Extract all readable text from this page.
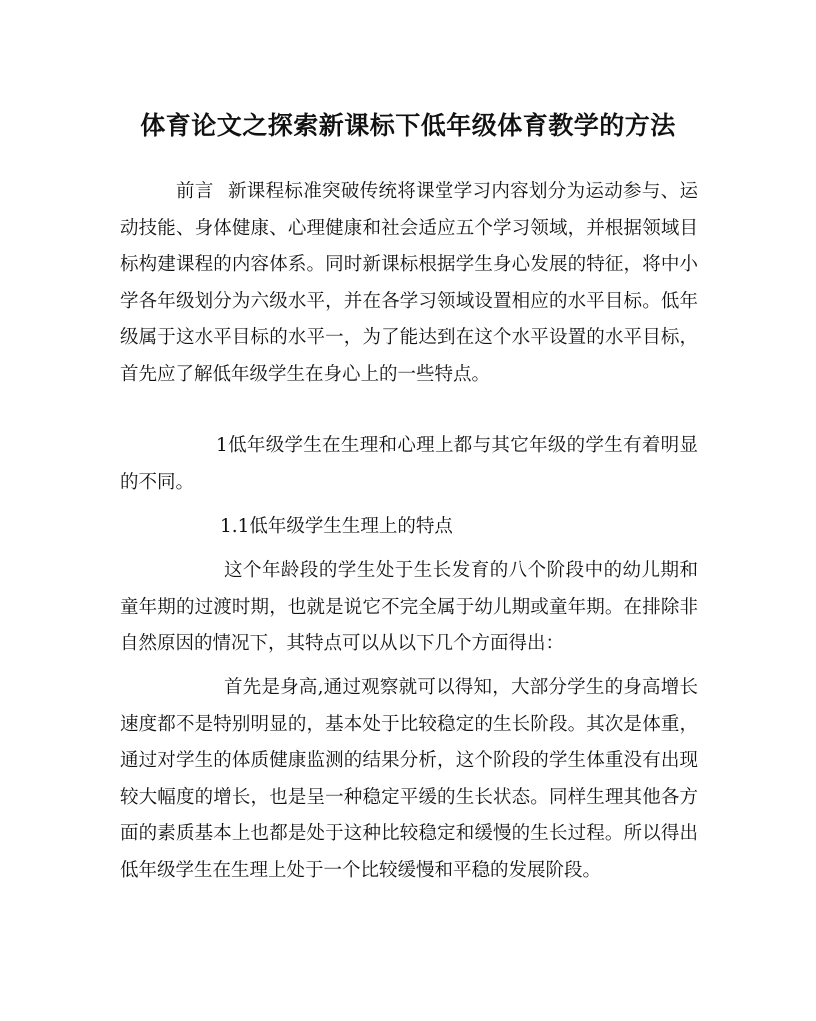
体育论文之探索新课标下低年级体育教学的方法

前言 新课程标准突破传统将课堂学习内容划分为运动参与、运动技能、身体健康、心理健康和社会适应五个学习领域，并根据领域目标构建课程的内容体系。同时新课标根据学生身心发展的特征，将中小学各年级划分为六级水平，并在各学习领域设置相应的水平目标。低年级属于这水平目标的水平一，为了能达到在这个水平设置的水平目标，首先应了解低年级学生在身心上的一些特点。

1低年级学生在生理和心理上都与其它年级的学生有着明显的不同。

1.1低年级学生生理上的特点

这个年龄段的学生处于生长发育的八个阶段中的幼儿期和童年期的过渡时期，也就是说它不完全属于幼儿期或童年期。在排除非自然原因的情况下，其特点可以从以下几个方面得出：

首先是身高,通过观察就可以得知，大部分学生的身高增长速度都不是特别明显的，基本处于比较稳定的生长阶段。其次是体重，通过对学生的体质健康监测的结果分析，这个阶段的学生体重没有出现较大幅度的增长，也是呈一种稳定平缓的生长状态。同样生理其他各方面的素质基本上也都是处于这种比较稳定和缓慢的生长过程。所以得出低年级学生在生理上处于一个比较缓慢和平稳的发展阶段。
